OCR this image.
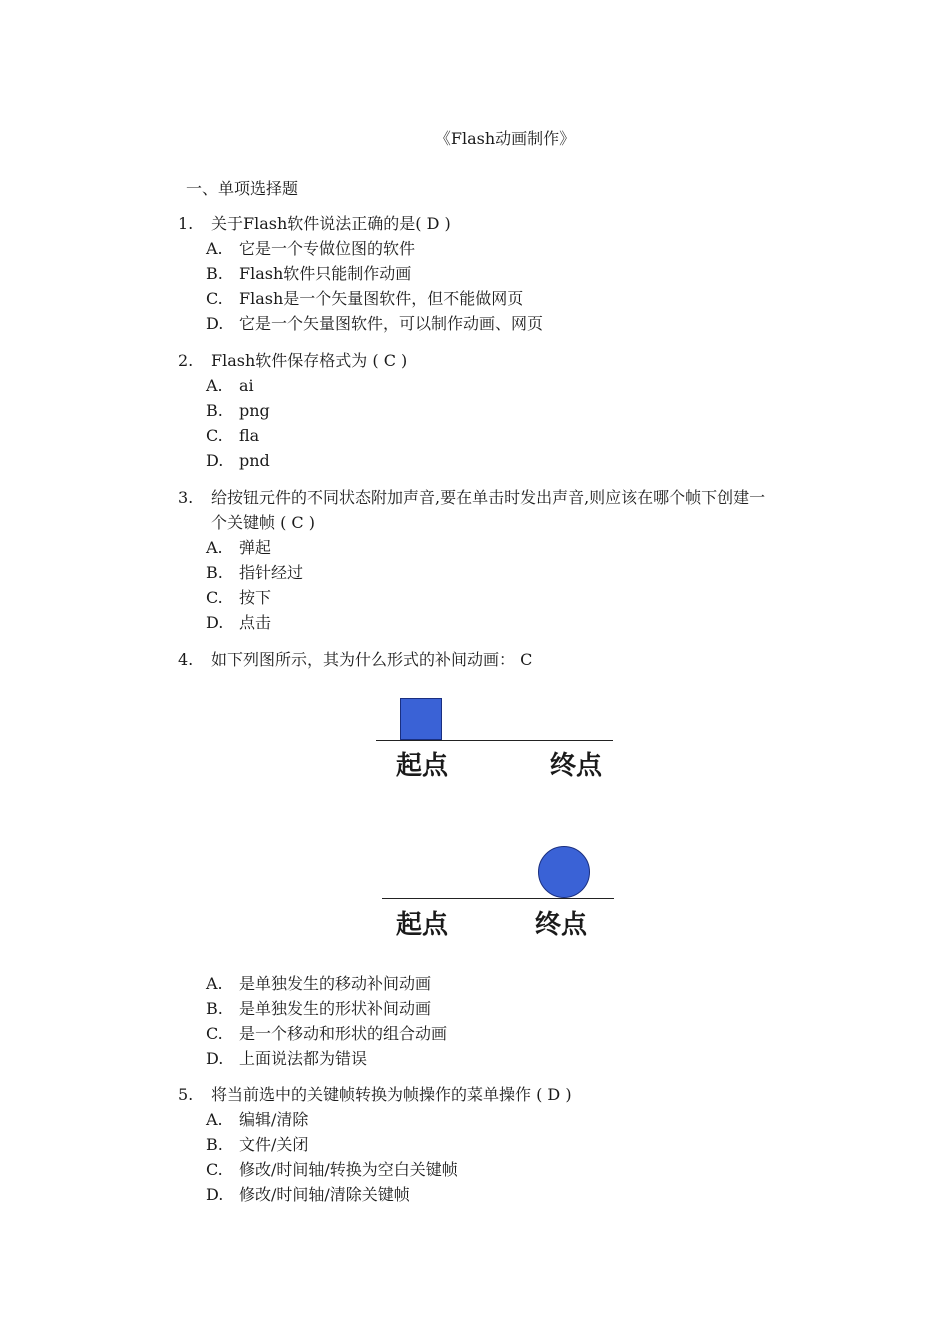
《Flash动画制作》
一、单项选择题
1. 关于Flash软件说法正确的是( D )
A. 它是一个专做位图的软件
B. Flash软件只能制作动画
C. Flash是一个矢量图软件，但不能做网页
D. 它是一个矢量图软件，可以制作动画、网页
2. Flash软件保存格式为 ( C )
A. ai
B. png
C. fla
D. pnd
3. 给按钮元件的不同状态附加声音,要在单击时发出声音,则应该在哪个帧下创建一
个关键帧 ( C )
A. 弹起
B. 指针经过
C. 按下
D. 点击
4. 如下列图所示，其为什么形式的补间动画： C
起点	终点
起点	终点
A. 是单独发生的移动补间动画
B. 是单独发生的形状补间动画
C. 是一个移动和形状的组合动画
D. 上面说法都为错误
5. 将当前选中的关键帧转换为帧操作的菜单操作 ( D )
A. 编辑/清除
B. 文件/关闭
C. 修改/时间轴/转换为空白关键帧
D. 修改/时间轴/清除关键帧
